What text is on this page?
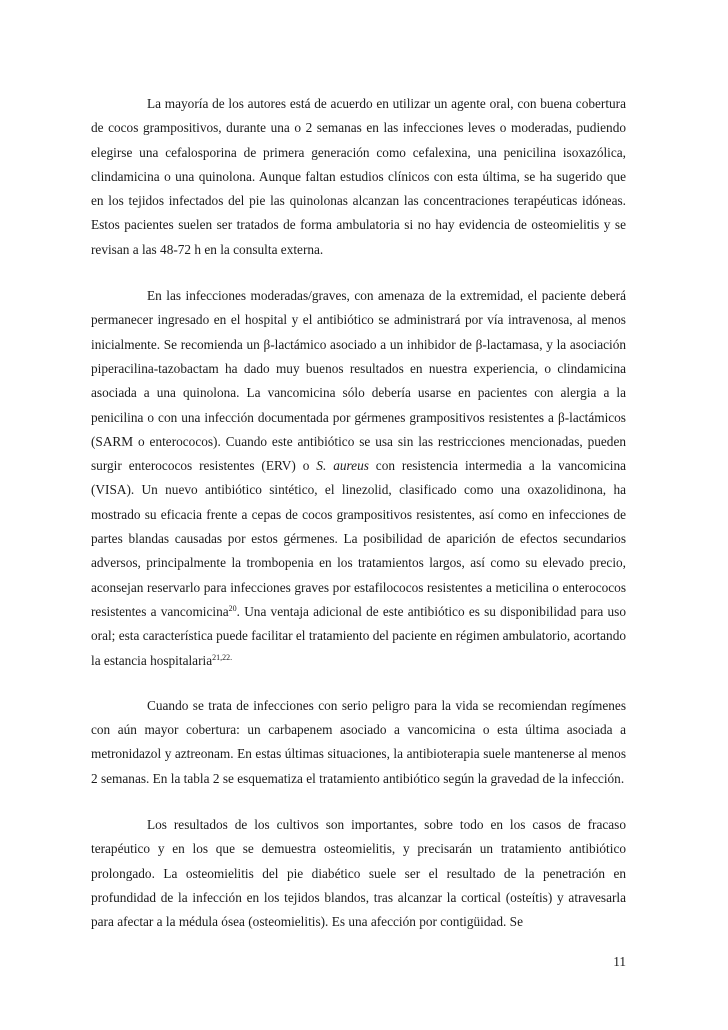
La mayoría de los autores está de acuerdo en utilizar un agente oral, con buena cobertura de cocos grampositivos, durante una o 2 semanas en las infecciones leves o moderadas, pudiendo elegirse una cefalosporina de primera generación como cefalexina, una penicilina isoxazólica, clindamicina o una quinolona. Aunque faltan estudios clínicos con esta última, se ha sugerido que en los tejidos infectados del pie las quinolonas alcanzan las concentraciones terapéuticas idóneas. Estos pacientes suelen ser tratados de forma ambulatoria si no hay evidencia de osteomielitis y se revisan a las 48-72 h en la consulta externa.

En las infecciones moderadas/graves, con amenaza de la extremidad, el paciente deberá permanecer ingresado en el hospital y el antibiótico se administrará por vía intravenosa, al menos inicialmente. Se recomienda un β-lactámico asociado a un inhibidor de β-lactamasa, y la asociación piperacilina-tazobactam ha dado muy buenos resultados en nuestra experiencia, o clindamicina asociada a una quinolona. La vancomicina sólo debería usarse en pacientes con alergia a la penicilina o con una infección documentada por gérmenes grampositivos resistentes a β-lactámicos (SARM o enterococos). Cuando este antibiótico se usa sin las restricciones mencionadas, pueden surgir enterococos resistentes (ERV) o S. aureus con resistencia intermedia a la vancomicina (VISA). Un nuevo antibiótico sintético, el linezolid, clasificado como una oxazolidinona, ha mostrado su eficacia frente a cepas de cocos grampositivos resistentes, así como en infecciones de partes blandas causadas por estos gérmenes. La posibilidad de aparición de efectos secundarios adversos, principalmente la trombopenia en los tratamientos largos, así como su elevado precio, aconsejan reservarlo para infecciones graves por estafilococos resistentes a meticilina o enterococos resistentes a vancomicina$^{20}$. Una ventaja adicional de este antibiótico es su disponibilidad para uso oral; esta característica puede facilitar el tratamiento del paciente en régimen ambulatorio, acortando la estancia hospitalaria$^{21,22.}$

Cuando se trata de infecciones con serio peligro para la vida se recomiendan regímenes con aún mayor cobertura: un carbapenem asociado a vancomicina o esta última asociada a metronidazol y aztreonam. En estas últimas situaciones, la antibioterapia suele mantenerse al menos 2 semanas. En la tabla 2 se esquematiza el tratamiento antibiótico según la gravedad de la infección.

Los resultados de los cultivos son importantes, sobre todo en los casos de fracaso terapéutico y en los que se demuestra osteomielitis, y precisarán un tratamiento antibiótico prolongado. La osteomielitis del pie diabético suele ser el resultado de la penetración en profundidad de la infección en los tejidos blandos, tras alcanzar la cortical (osteítis) y atravesarla para afectar a la médula ósea (osteomielitis). Es una afección por contigüidad. Se

11
